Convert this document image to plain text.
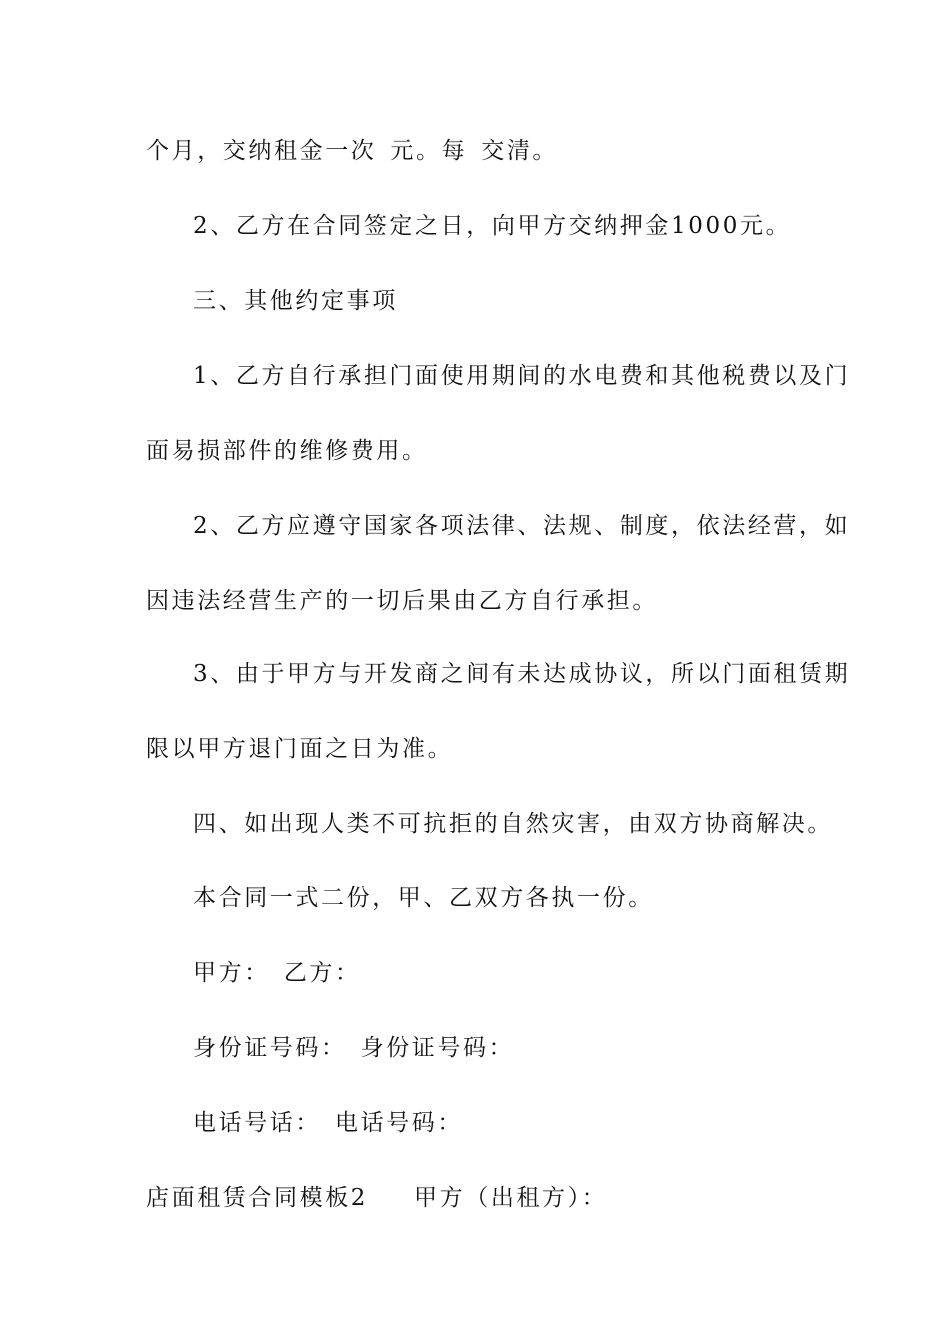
个月，交纳租金一次 元。每 交清。
2、乙方在合同签定之日，向甲方交纳押金1000元。
三、其他约定事项
1、乙方自行承担门面使用期间的水电费和其他税费以及门
面易损部件的维修费用。
2、乙方应遵守国家各项法律、法规、制度，依法经营，如
因违法经营生产的一切后果由乙方自行承担。
3、由于甲方与开发商之间有未达成协议，所以门面租赁期
限以甲方退门面之日为准。
四、如出现人类不可抗拒的自然灾害，由双方协商解决。
本合同一式二份，甲、乙双方各执一份。
甲方： 乙方：
身份证号码： 身份证号码：
电话号话： 电话号码：
店面租赁合同模板2 甲方（出租方）：
